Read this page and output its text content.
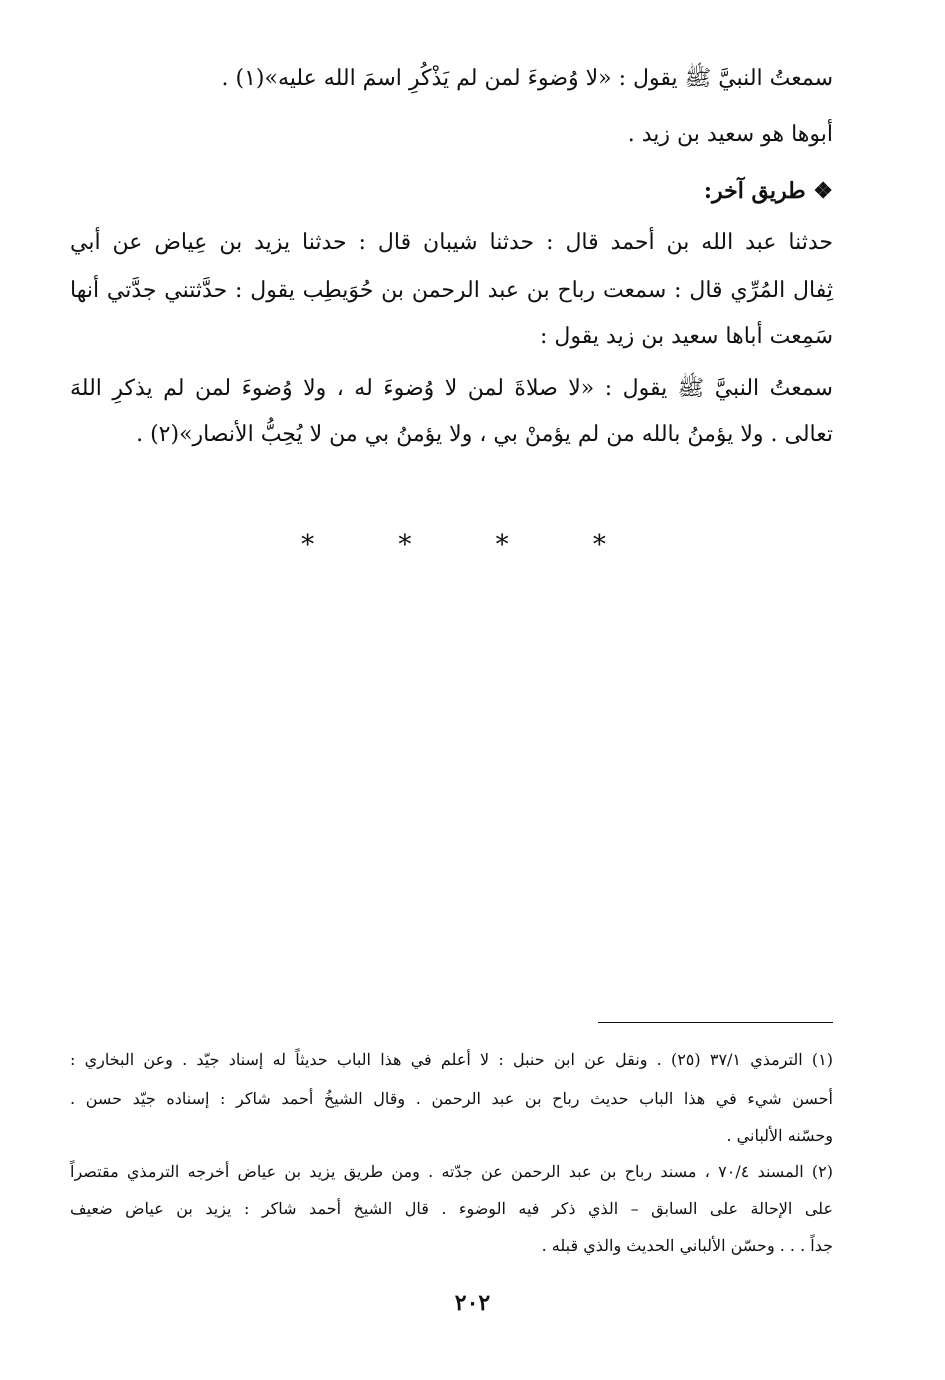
سمعتُ النبيَّ ﷺ يقول : «لا وُضوءَ لمن لم يَذْكُرِ اسمَ الله عليه»(١) .
أبوها هو سعيد بن زيد .
❖ طريق آخر:
حدثنا عبد الله بن أحمد قال : حدثنا شيبان قال : حدثنا يزيد بن عِياض عن أبي
ثِفال المُرِّي قال : سمعت رباح بن عبد الرحمن بن حُوَيطِب يقول : حدَّثتني جدَّتي أنها
سَمِعت أباها سعيد بن زيد يقول :
سمعتُ النبيَّ ﷺ يقول : «لا صلاةَ لمن لا وُضوءَ له ، ولا وُضوءَ لمن لم يذكرِ اللهَ
تعالى . ولا يؤمنُ بالله من لم يؤمنْ بي ، ولا يؤمنُ بي من لا يُحِبُّ الأنصار»(٢) .
* * * *
(١) الترمذي ٣٧/١ (٢٥) . ونقل عن ابن حنبل : لا أعلم في هذا الباب حديثاً له إسناد جيّد . وعن البخاري :
أحسن شيء في هذا الباب حديث رباح بن عبد الرحمن . وقال الشيخُ أحمد شاكر : إسناده جيّد حسن .
وحسّنه الألباني .
(٢) المسند ٧٠/٤ ، مسند رباح بن عبد الرحمن عن جدّته . ومن طريق يزيد بن عياض أخرجه الترمذي مقتصراً
على الإحالة على السابق – الذي ذكر فيه الوضوء . قال الشيخ أحمد شاكر : يزيد بن عياض ضعيف
جداً . . . وحسّن الألباني الحديث والذي قبله .
٢٠٢
